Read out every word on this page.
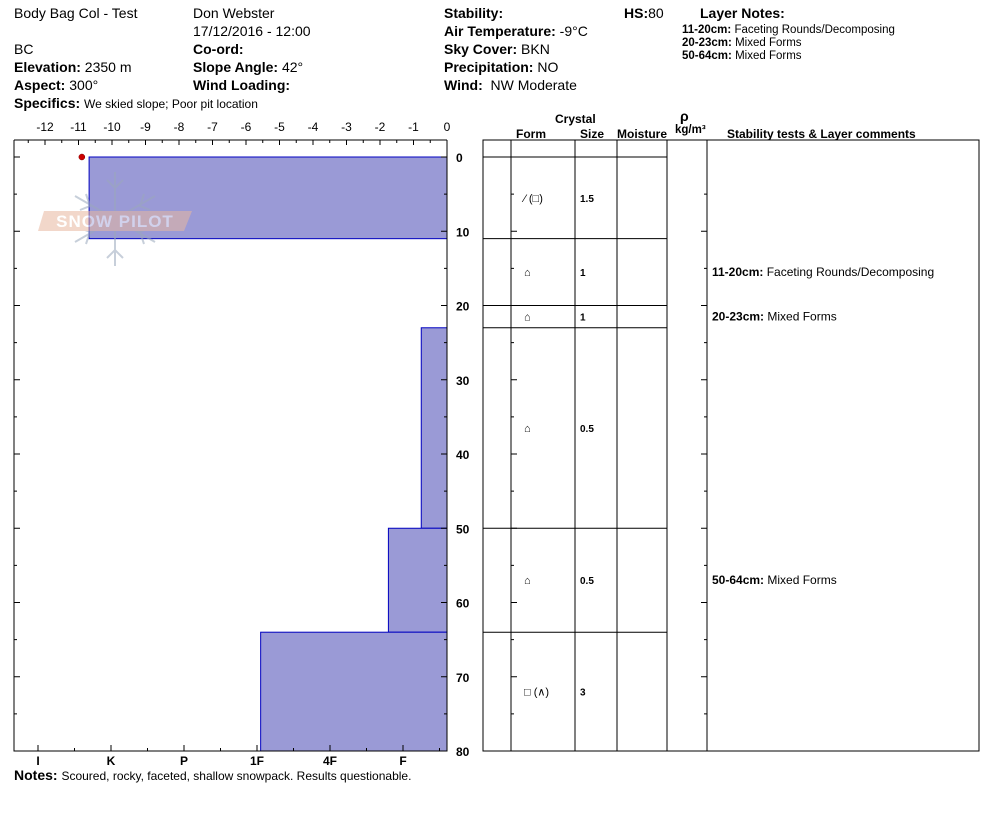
Body Bag Col - Test
BC
Elevation: 2350 m
Aspect: 300°
Specifics: We skied slope; Poor pit location
Don Webster
17/12/2016 - 12:00
Co-ord:
Slope Angle: 42°
Wind Loading:
Stability:
Air Temperature: -9°C
Sky Cover: BKN
Precipitation: NO
Wind: NW Moderate
HS:80	Layer Notes:
11-20cm: Faceting Rounds/Decomposing
20-23cm: Mixed Forms
50-64cm: Mixed Forms
SNOW PILOT
-12 -11 -10 -9 -8 -7 -6 -5 -4 -3 -2 -1 0
0
10
20
30
40
50
60
70
80
I	K	P	1F	4F	F
⁄ (□)	1.5
⌂	1	11-20cm: Faceting Rounds/Decomposing
⌂	1	20-23cm: Mixed Forms
⌂	0.5
⌂	0.5	50-64cm: Mixed Forms
□ (∧)	3
Crystal
Form	Size Moisture
ρ
kg/m³ Stability tests & Layer comments
Notes: Scoured, rocky, faceted, shallow snowpack. Results questionable.
